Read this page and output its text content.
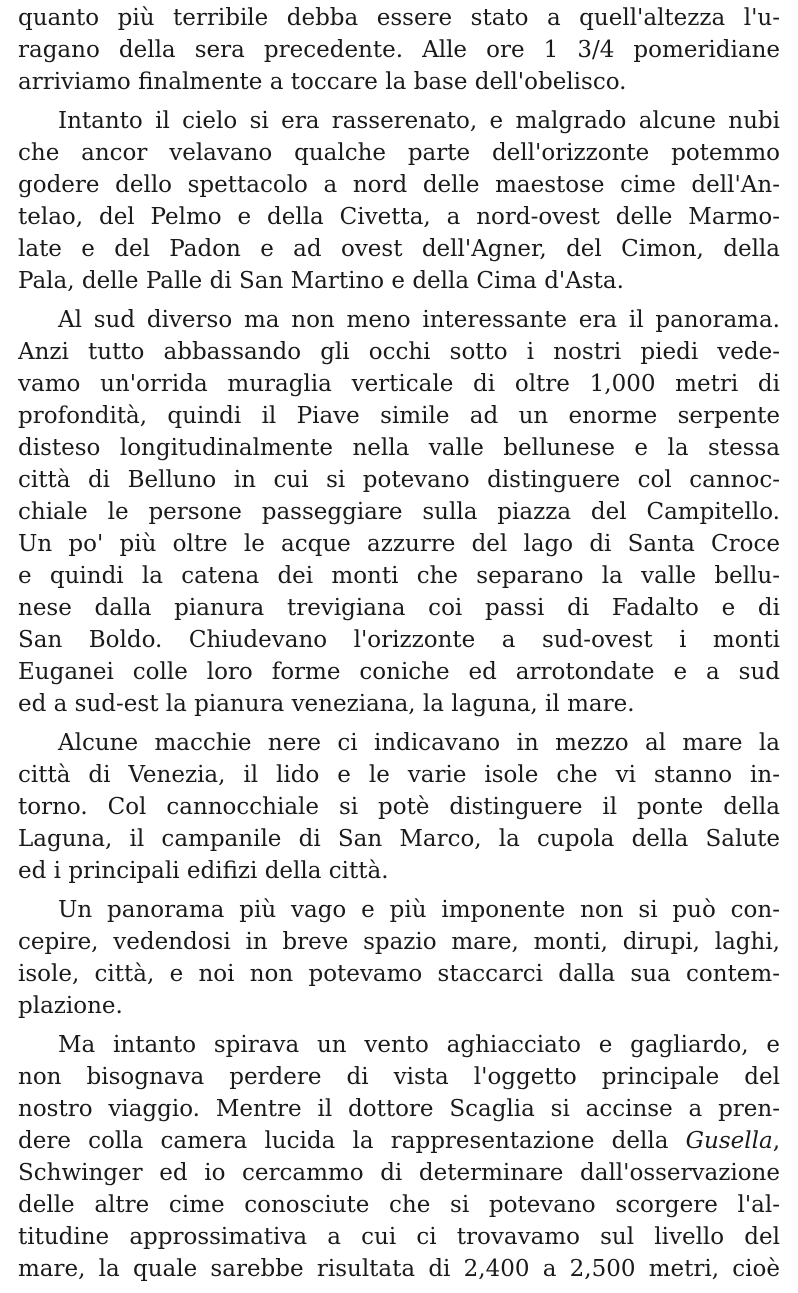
quanto più terribile debba essere stato a quell'altezza l'u-
ragano della sera precedente. Alle ore 1 3/4 pomeridiane
arriviamo finalmente a toccare la base dell'obelisco.
Intanto il cielo si era rasserenato, e malgrado alcune nubi
che ancor velavano qualche parte dell'orizzonte potemmo
godere dello spettacolo a nord delle maestose cime dell'An-
telao, del Pelmo e della Civetta, a nord-ovest delle Marmo-
late e del Padon e ad ovest dell'Agner, del Cimon, della
Pala, delle Palle di San Martino e della Cima d'Asta.
Al sud diverso ma non meno interessante era il panorama.
Anzi tutto abbassando gli occhi sotto i nostri piedi vede-
vamo un'orrida muraglia verticale di oltre 1,000 metri di
profondità, quindi il Piave simile ad un enorme serpente
disteso longitudinalmente nella valle bellunese e la stessa
città di Belluno in cui si potevano distinguere col cannoc-
chiale le persone passeggiare sulla piazza del Campitello.
Un po' più oltre le acque azzurre del lago di Santa Croce
e quindi la catena dei monti che separano la valle bellu-
nese dalla pianura trevigiana coi passi di Fadalto e di
San Boldo. Chiudevano l'orizzonte a sud-ovest i monti
Euganei colle loro forme coniche ed arrotondate e a sud
ed a sud-est la pianura veneziana, la laguna, il mare.
Alcune macchie nere ci indicavano in mezzo al mare la
città di Venezia, il lido e le varie isole che vi stanno in-
torno. Col cannocchiale si potè distinguere il ponte della
Laguna, il campanile di San Marco, la cupola della Salute
ed i principali edifizi della città.
Un panorama più vago e più imponente non si può con-
cepire, vedendosi in breve spazio mare, monti, dirupi, laghi,
isole, città, e noi non potevamo staccarci dalla sua contem-
plazione.
Ma intanto spirava un vento aghiacciato e gagliardo, e
non bisognava perdere di vista l'oggetto principale del
nostro viaggio. Mentre il dottore Scaglia si accinse a pren-
dere colla camera lucida la rappresentazione della Gusella,
Schwinger ed io cercammo di determinare dall'osservazione
delle altre cime conosciute che si potevano scorgere l'al-
titudine approssimativa a cui ci trovavamo sul livello del
mare, la quale sarebbe risultata di 2,400 a 2,500 metri, cioè
